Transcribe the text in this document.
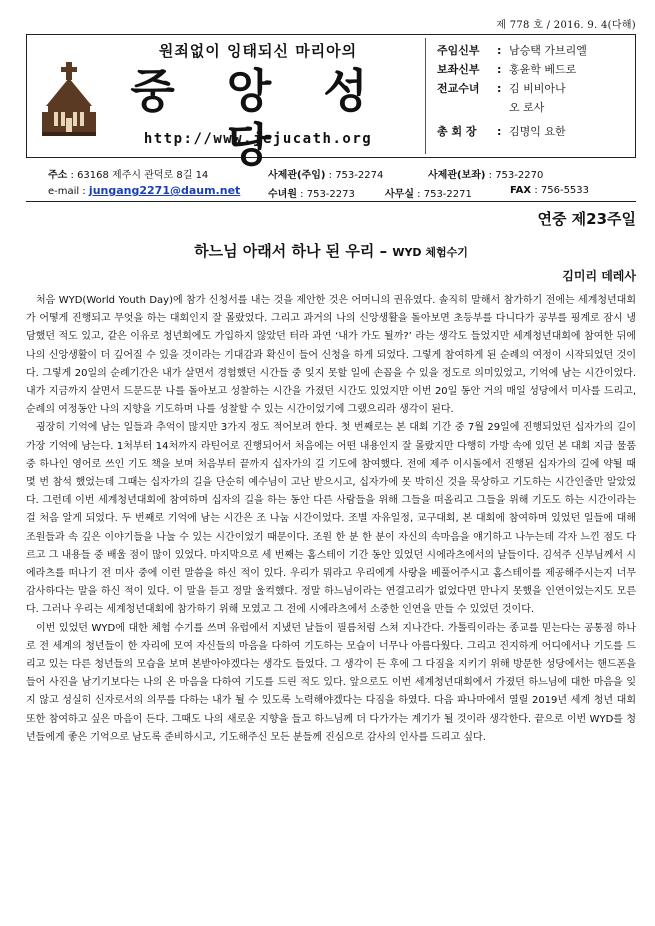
제 778 호 / 2016. 9. 4(다해)
원죄없이 잉태되신 마리아의
중 앙 성 당
http://www.jejucath.org
주임신부 : 남승택 가브리엘
보좌신부 : 홍윤학 베드로
전교수녀 : 김 비비아나
오 로사
총 회 장 : 김명익 요한
주소 : 63168 제주시 관덕로 8길 14	사제관(주임) : 753-2274	사제관(보좌) : 753-2270
e-mail : jungang2271@daum.net	수녀원 : 753-2273	사무실 : 753-2271	FAX : 756-5533
연중 제23주일
하느님 아래서 하나 된 우리 – WYD 체험수기
김미리 데레사

처음 WYD(World Youth Day)에 참가 신청서를 내는 것을 제안한 것은 어머니의 권유였다. 솔직히 말해서 참가하기 전에는 세계청년대회가 어떻게 진행되고 무엇을 하는 대회인지 잘 몰랐었다. 그리고 과거의 나의 신앙생활을 돌아보면 초등부를 다니다가 공부를 핑계로 잠시 냉담했던 적도 있고, 같은 이유로 청년회에도 가입하지 않았던 터라 과연 ‘내가 가도 될까?’ 라는 생각도 들었지만 세계청년대회에 참여한 뒤에 나의 신앙생활이 더 깊어질 수 있을 것이라는 기대감과 확신이 들어 신청을 하게 되었다. 그렇게 참여하게 된 순례의 여정이 시작되었던 것이다. 그렇게 20일의 순례기간은 내가 살면서 경험했던 시간들 중 잊지 못할 일에 손꼽을 수 있을 정도로 의미있었고, 기억에 남는 시간이었다. 내가 지금까지 살면서 드문드문 나를 돌아보고 성찰하는 시간을 가졌던 시간도 있었지만 이번 20일 동안 거의 매일 성당에서 미사를 드리고, 순례의 여정동안 나의 지향을 기도하며 나를 성찰할 수 있는 시간이었기에 그랬으리라 생각이 된다.

굉장히 기억에 남는 일들과 추억이 많지만 3가지 정도 적어보려 한다. 첫 번째로는 본 대회 기간 중 7월 29일에 진행되었던 십자가의 길이 가장 기억에 남는다. 1처부터 14처까지 라틴어로 진행되어서 처음에는 어떤 내용인지 잘 몰랐지만 다행히 가방 속에 있던 본 대회 지급 물품 중 하나인 영어로 쓰인 기도 책을 보며 처음부터 끝까지 십자가의 길 기도에 참여했다. 전에 제주 이시돌에서 진행된 십자가의 길에 약될 때 몇 번 참석 했었는데 그때는 십자가의 길을 단순히 예수님이 고난 받으시고, 십자가에 못 박히신 것을 묵상하고 기도하는 시간인줄만 알았었다. 그런데 이번 세계청년대회에 참여하며 십자의 길을 하는 동안 다른 사람들을 위해 그들을 떠올리고 그들을 위해 기도도 하는 시간이라는 걸 처음 알게 되었다. 두 번째로 기억에 남는 시간은 조 나눔 시간이었다. 조별 자유일정, 교구대회, 본 대회에 참여하며 있었던 일들에 대해 조원들과 속 깊은 이야기들을 나눌 수 있는 시간이었기 때문이다. 조원 한 분 한 분이 자신의 속마음을 얘기하고 나누는데 각자 느낀 점도 다르고 그 내용들 중 배울 점이 많이 있었다. 마지막으로 세 번째는 홈스테이 기간 동안 있었던 시에라츠에서의 날들이다. 김석주 신부님께서 시에라츠를 떠나기 전 미사 중에 이런 말씀을 하신 적이 있다. 우리가 뭐라고 우리에게 사랑을 베풀어주시고 홈스테이를 제공해주시는지 너무 감사하다는 말을 하신 적이 있다. 이 말을 듣고 정말 울컥했다. 정말 하느님이라는 연결고리가 없었다면 만나지 못했을 인연이었는지도 모른다. 그러나 우리는 세계청년대회에 참가하기 위해 모였고 그 전에 시에라츠에서 소중한 인연을 만들 수 있었던 것이다.

이번 있었던 WYD에 대한 체험 수기를 쓰며 유럽에서 지냈던 날들이 필름처럼 스쳐 지나간다. 가톨릭이라는 종교를 믿는다는 공통점 하나로 전 세계의 청년들이 한 자리에 모여 자신들의 마음을 다하여 기도하는 모습이 너무나 아름다웠다. 그리고 진지하게 어디에서나 기도를 드리고 있는 다른 청년들의 모습을 보며 본받아야겠다는 생각도 들었다. 그 생각이 든 후에 그 다짐을 지키기 위해 방문한 성당에서는 핸드폰을 들어 사진을 남기기보다는 나의 온 마음을 다하여 기도를 드린 적도 있다. 앞으로도 이번 세계청년대회에서 가졌던 하느님에 대한 마음을 잊지 않고 성실히 신자로서의 의무를 다하는 내가 될 수 있도록 노력해야겠다는 다짐을 하였다. 다음 파나마에서 열릴 2019년 세계 청년 대회 또한 참여하고 싶은 마음이 든다. 그때도 나의 새로운 지향을 들고 하느님께 더 다가가는 계기가 될 것이라 생각한다. 끝으로 이번 WYD를 청년들에게 좋은 기억으로 남도록 준비하시고, 기도해주신 모든 분들께 진심으로 감사의 인사를 드리고 싶다.
